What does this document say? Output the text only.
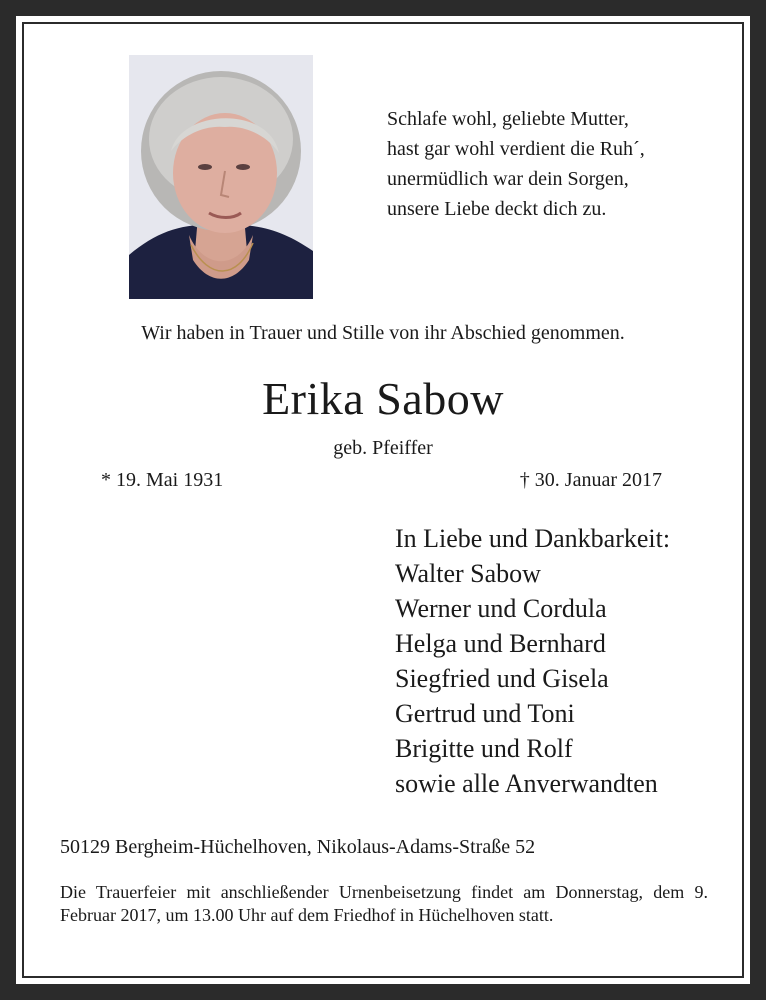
Schlafe wohl, geliebte Mutter,
hast gar wohl verdient die Ruh´,
unermüdlich war dein Sorgen,
unsere Liebe deckt dich zu.
Wir haben in Trauer und Stille von ihr Abschied genommen.
Erika Sabow
geb. Pfeiffer
* 19. Mai 1931	† 30. Januar 2017
In Liebe und Dankbarkeit:
Walter Sabow
Werner und Cordula
Helga und Bernhard
Siegfried und Gisela
Gertrud und Toni
Brigitte und Rolf
sowie alle Anverwandten
50129 Bergheim-Hüchelhoven, Nikolaus-Adams-Straße 52
Die Trauerfeier mit anschließender Urnenbeisetzung findet am Donnerstag, dem 9. Februar 2017, um 13.00 Uhr auf dem Friedhof in Hüchelhoven statt.
